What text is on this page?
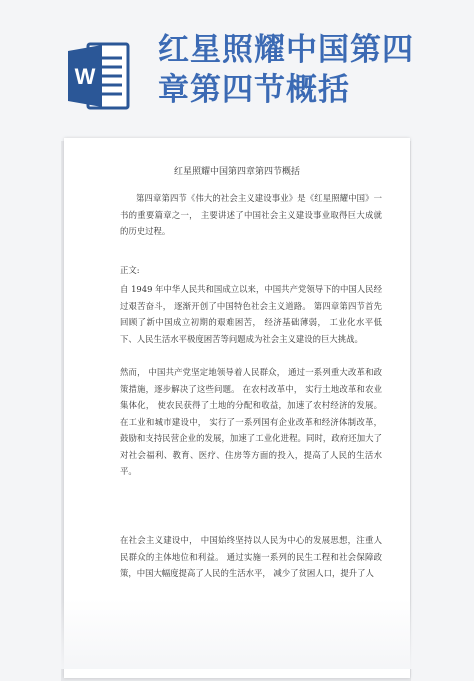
W
红星照耀中国第四
章第四节概括
红星照耀中国第四章第四节概括

第四章第四节《伟大的社会主义建设事业》是《红星照耀中国》一书的重要篇章之一， 主要讲述了中国社会主义建设事业取得巨大成就的历史过程。

正文:

自 1949 年中华人民共和国成立以来，中国共产党领导下的中国人民经过艰苦奋斗， 逐渐开创了中国特色社会主义道路。 第四章第四节首先回顾了新中国成立初期的艰难困苦， 经济基础薄弱， 工业化水平低下、人民生活水平极度困苦等问题成为社会主义建设的巨大挑战。

然而， 中国共产党坚定地领导着人民群众， 通过一系列重大改革和政策措施，逐步解决了这些问题。 在农村改革中， 实行土地改革和农业集体化， 使农民获得了土地的分配和收益，加速了农村经济的发展。在工业和城市建设中， 实行了一系列国有企业改革和经济体制改革，鼓励和支持民营企业的发展，加速了工业化进程。同时，政府还加大了对社会福利、教育、医疗、住房等方面的投入，提高了人民的生活水平。

在社会主义建设中， 中国始终坚持以人民为中心的发展思想，注重人民群众的主体地位和利益。 通过实施一系列的民生工程和社会保障政策，中国大幅度提高了人民的生活水平， 减少了贫困人口，提升了人
